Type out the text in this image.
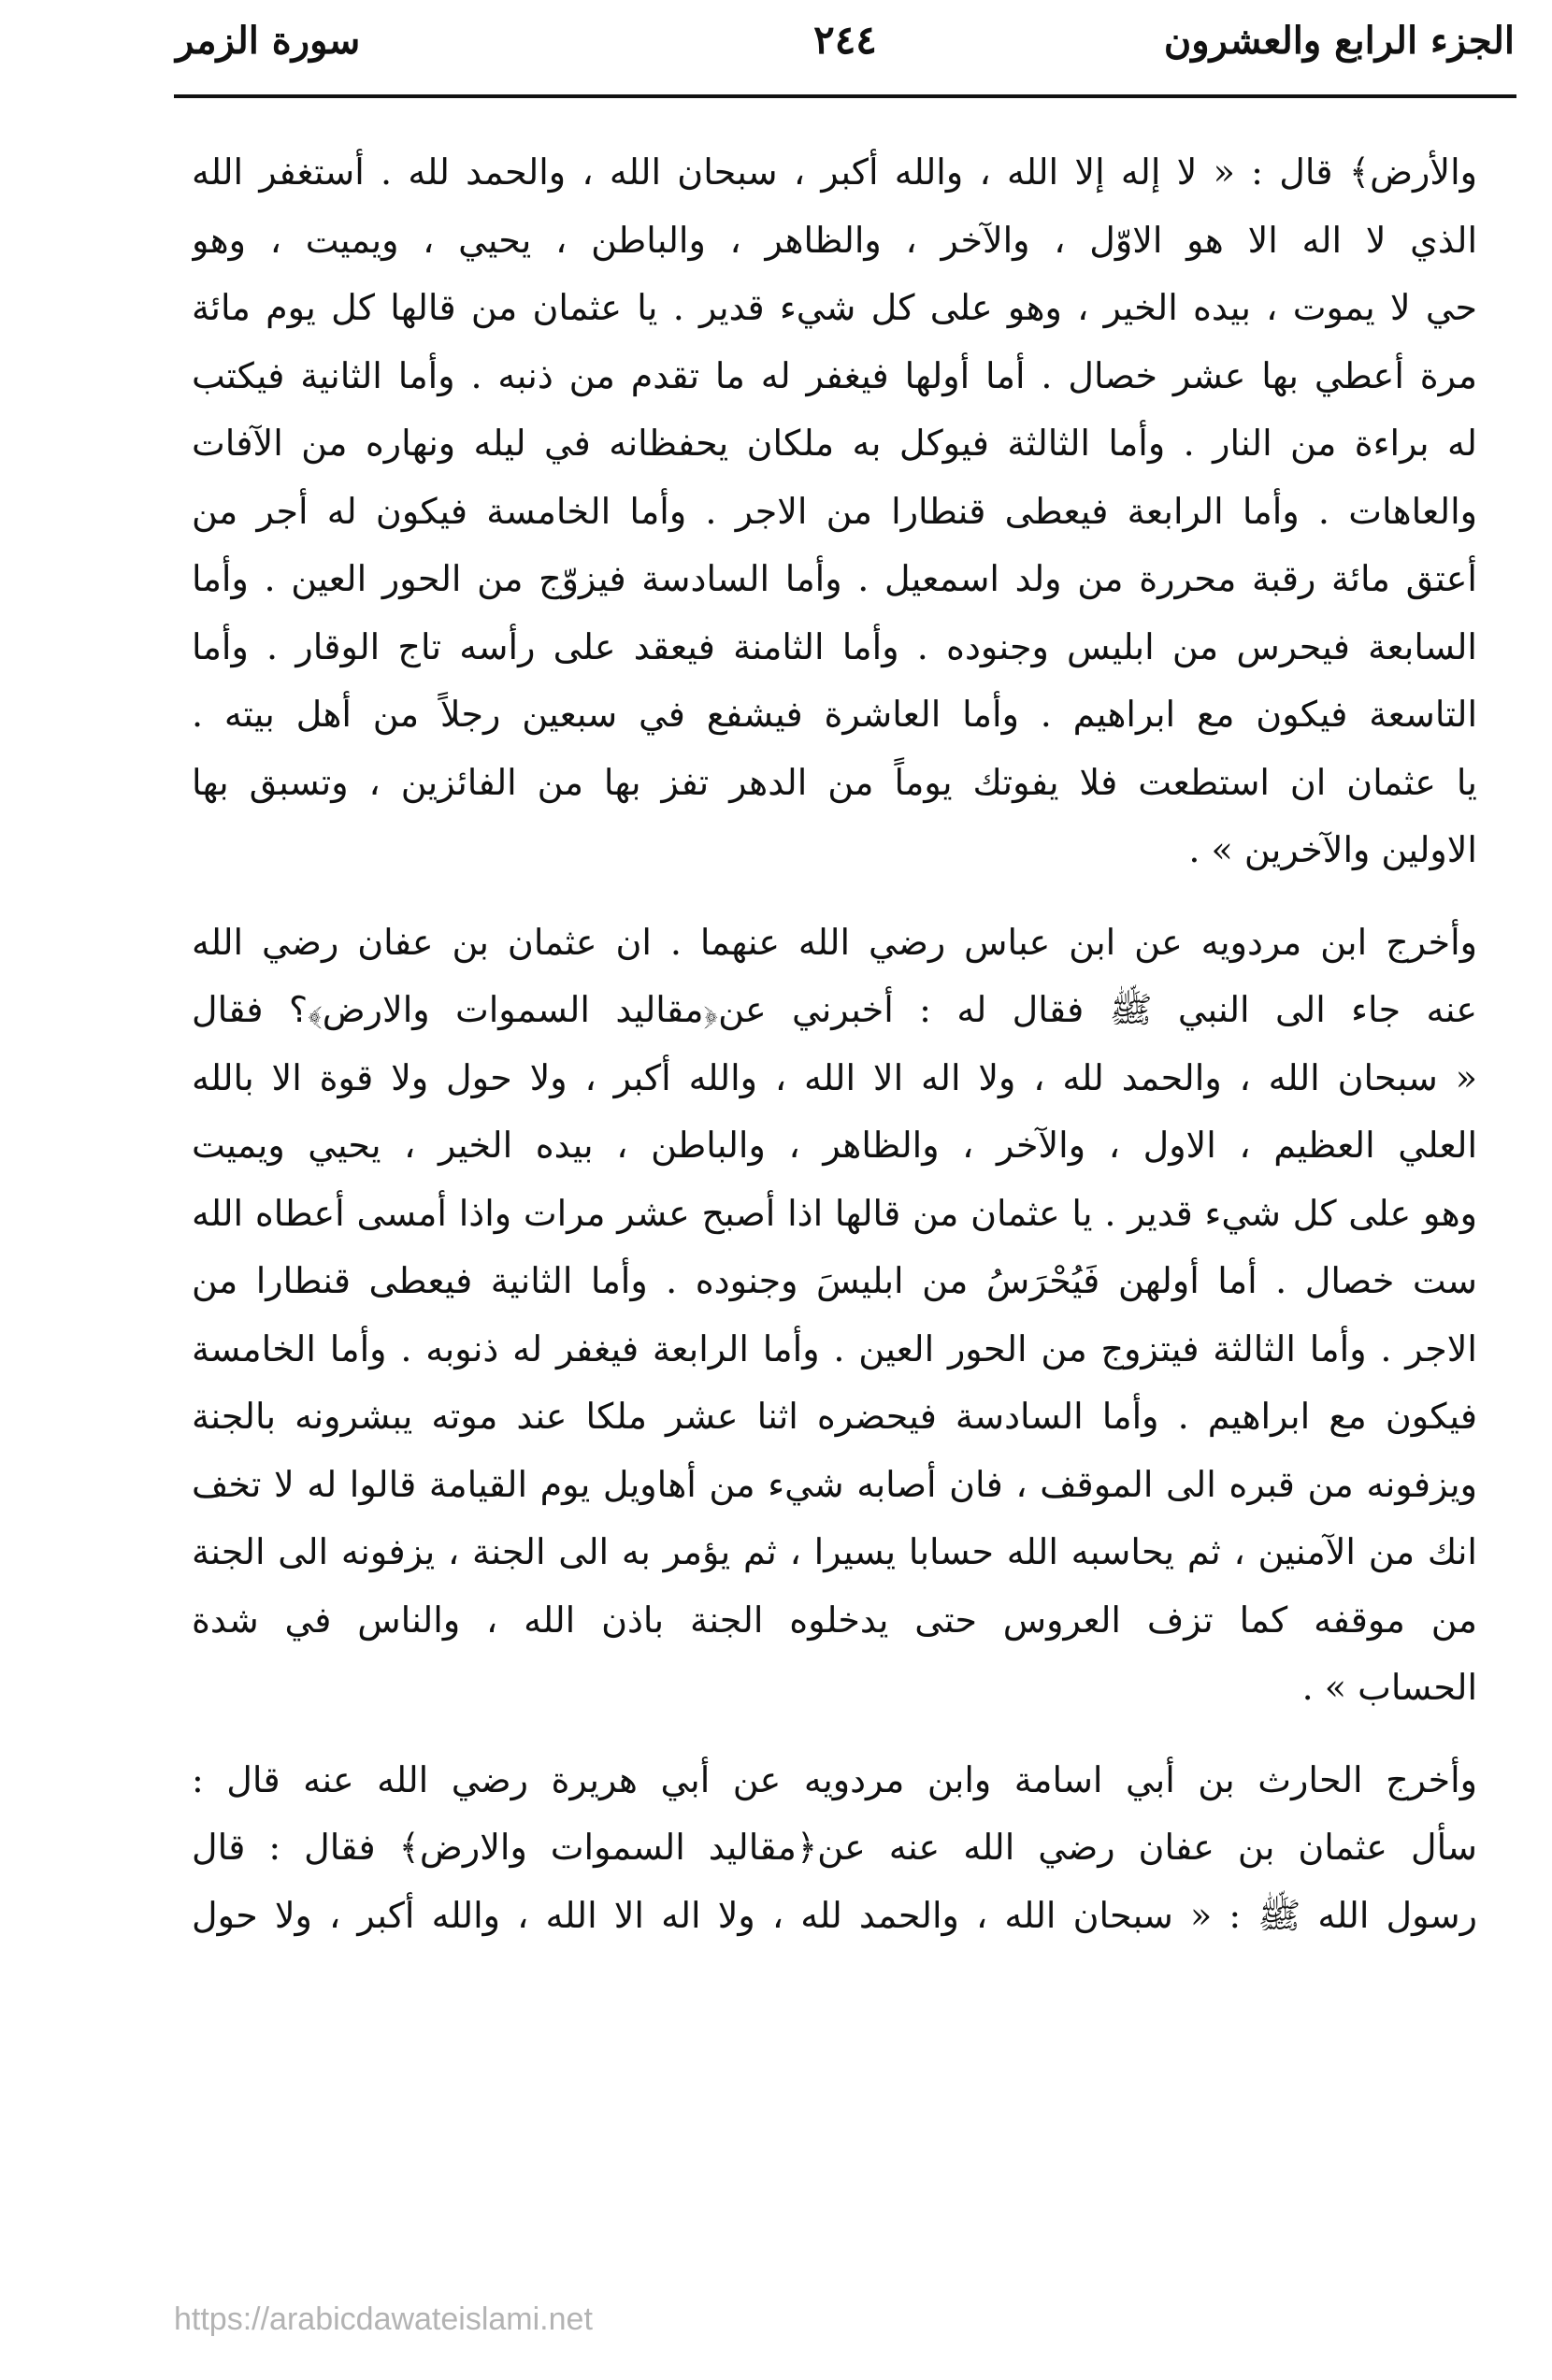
الجزء الرابع والعشرون
٢٤٤
سورة الزمر
والأرض﴾ قال : « لا إله إلا الله ، والله أكبر ، سبحان الله ، والحمد لله . أستغفر الله
الذي لا اله الا هو الاوّل ، والآخر ، والظاهر ، والباطن ، يحيي ، ويميت ، وهو
حي لا يموت ، بيده الخير ، وهو على كل شيء قدير . يا عثمان من قالها كل يوم مائة
مرة أعطي بها عشر خصال . أما أولها فيغفر له ما تقدم من ذنبه . وأما الثانية فيكتب
له براءة من النار . وأما الثالثة فيوكل به ملكان يحفظانه في ليله ونهاره من الآفات
والعاهات . وأما الرابعة فيعطى قنطارا من الاجر . وأما الخامسة فيكون له أجر من
أعتق مائة رقبة محررة من ولد اسمعيل . وأما السادسة فيزوّج من الحور العين . وأما
السابعة فيحرس من ابليس وجنوده . وأما الثامنة فيعقد على رأسه تاج الوقار . وأما
التاسعة فيكون مع ابراهيم . وأما العاشرة فيشفع في سبعين رجلاً من أهل بيته .
يا عثمان ان استطعت فلا يفوتك يوماً من الدهر تفز بها من الفائزين ، وتسبق بها
الاولين والآخرين » .
وأخرج ابن مردويه عن ابن عباس رضي الله عنهما . ان عثمان بن عفان رضي الله
عنه جاء الى النبي ﷺ فقال له : أخبرني عن﴿مقاليد السموات والارض﴾؟ فقال
« سبحان الله ، والحمد لله ، ولا اله الا الله ، والله أكبر ، ولا حول ولا قوة الا بالله
العلي العظيم ، الاول ، والآخر ، والظاهر ، والباطن ، بيده الخير ، يحيي ويميت
وهو على كل شيء قدير . يا عثمان من قالها اذا أصبح عشر مرات واذا أمسى أعطاه الله
ست خصال . أما أولهن فَيُحْرَسُ من ابليسَ وجنوده . وأما الثانية فيعطى قنطارا من
الاجر . وأما الثالثة فيتزوج من الحور العين . وأما الرابعة فيغفر له ذنوبه . وأما الخامسة
فيكون مع ابراهيم . وأما السادسة فيحضره اثنا عشر ملكا عند موته يبشرونه بالجنة
ويزفونه من قبره الى الموقف ، فان أصابه شيء من أهاويل يوم القيامة قالوا له لا تخف
انك من الآمنين ، ثم يحاسبه الله حسابا يسيرا ، ثم يؤمر به الى الجنة ، يزفونه الى الجنة
من موقفه كما تزف العروس حتى يدخلوه الجنة باذن الله ، والناس في شدة
الحساب » .
وأخرج الحارث بن أبي اسامة وابن مردويه عن أبي هريرة رضي الله عنه قال :
سأل عثمان بن عفان رضي الله عنه عن﴿مقاليد السموات والارض﴾ فقال : قال
رسول الله ﷺ : « سبحان الله ، والحمد لله ، ولا اله الا الله ، والله أكبر ، ولا حول
https://arabicdawateislami.net
